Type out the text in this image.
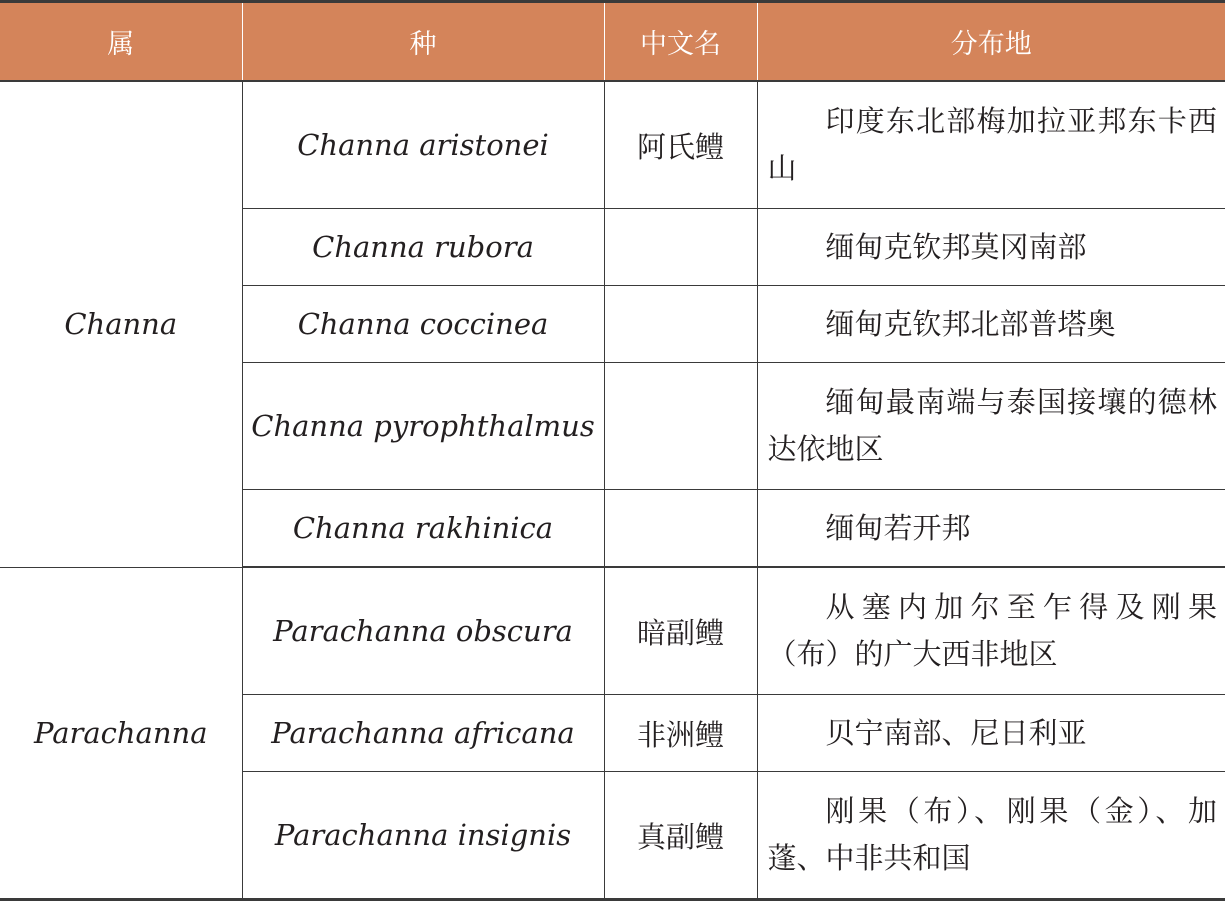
属	种	中文名	分布地
Channa	Channa aristonei	阿氏鳢	印度东北部梅加拉亚邦东卡西山
	Channa rubora		缅甸克钦邦莫冈南部
	Channa coccinea		缅甸克钦邦北部普塔奥
	Channa pyrophthalmus		缅甸最南端与泰国接壤的德林达依地区
	Channa rakhinica		缅甸若开邦
Parachanna	Parachanna obscura	暗副鳢	从塞内加尔至乍得及刚果（布）的广大西非地区
	Parachanna africana	非洲鳢	贝宁南部、尼日利亚
	Parachanna insignis	真副鳢	刚果（布）、刚果（金）、加蓬、中非共和国
